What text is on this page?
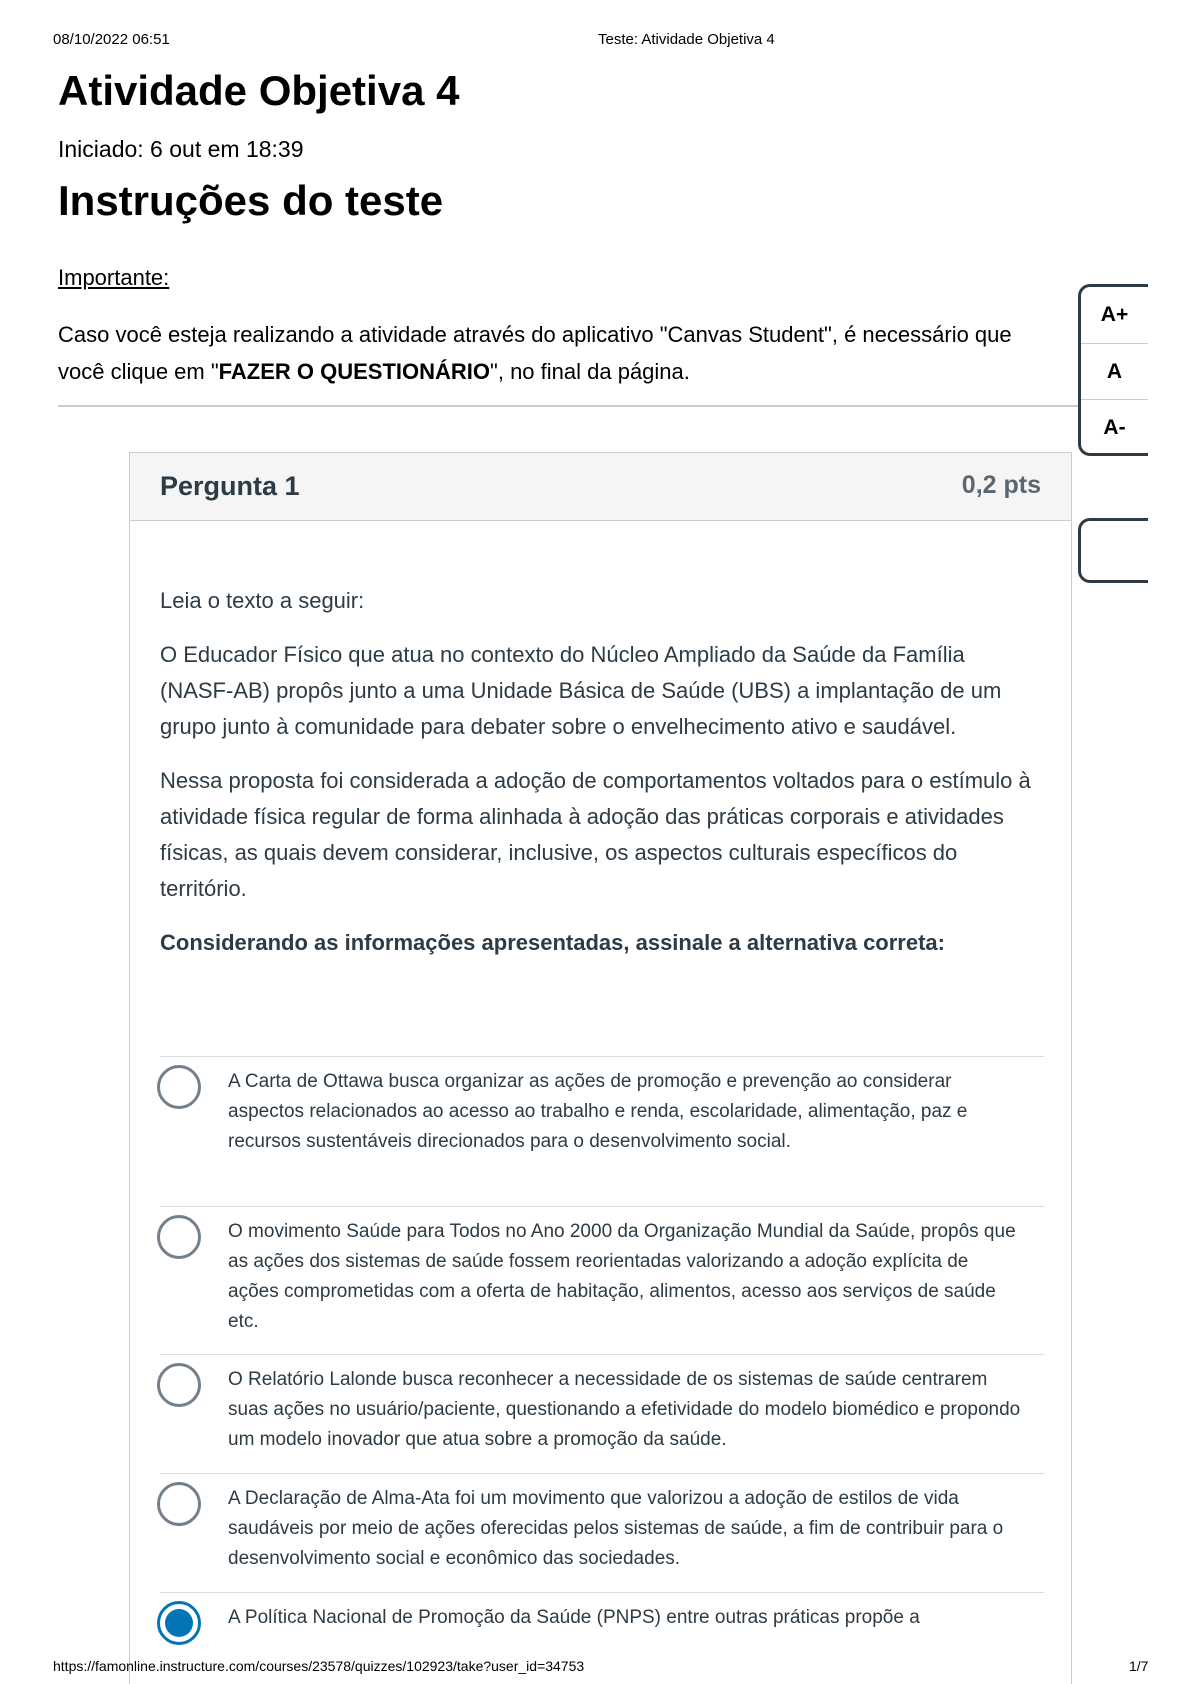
08/10/2022 06:51	Teste: Atividade Objetiva 4
Atividade Objetiva 4
Iniciado: 6 out em 18:39
Instruções do teste
Importante:
Caso você esteja realizando a atividade através do aplicativo "Canvas Student", é necessário que
você clique em "FAZER O QUESTIONÁRIO", no final da página.
A+
A
A-
Pergunta 1	0,2 pts

Leia o texto a seguir:

O Educador Físico que atua no contexto do Núcleo Ampliado da Saúde da Família (NASF-AB) propôs junto a uma Unidade Básica de Saúde (UBS) a implantação de um grupo junto à comunidade para debater sobre o envelhecimento ativo e saudável.

Nessa proposta foi considerada a adoção de comportamentos voltados para o estímulo à atividade física regular de forma alinhada à adoção das práticas corporais e atividades físicas, as quais devem considerar, inclusive, os aspectos culturais específicos do território.

Considerando as informações apresentadas, assinale a alternativa correta:

A Carta de Ottawa busca organizar as ações de promoção e prevenção ao considerar aspectos relacionados ao acesso ao trabalho e renda, escolaridade, alimentação, paz e recursos sustentáveis direcionados para o desenvolvimento social.
O movimento Saúde para Todos no Ano 2000 da Organização Mundial da Saúde, propôs que as ações dos sistemas de saúde fossem reorientadas valorizando a adoção explícita de ações comprometidas com a oferta de habitação, alimentos, acesso aos serviços de saúde etc.
O Relatório Lalonde busca reconhecer a necessidade de os sistemas de saúde centrarem suas ações no usuário/paciente, questionando a efetividade do modelo biomédico e propondo um modelo inovador que atua sobre a promoção da saúde.
A Declaração de Alma-Ata foi um movimento que valorizou a adoção de estilos de vida saudáveis por meio de ações oferecidas pelos sistemas de saúde, a fim de contribuir para o desenvolvimento social e econômico das sociedades.
A Política Nacional de Promoção da Saúde (PNPS) entre outras práticas propõe a
https://famonline.instructure.com/courses/23578/quizzes/102923/take?user_id=34753	1/7
